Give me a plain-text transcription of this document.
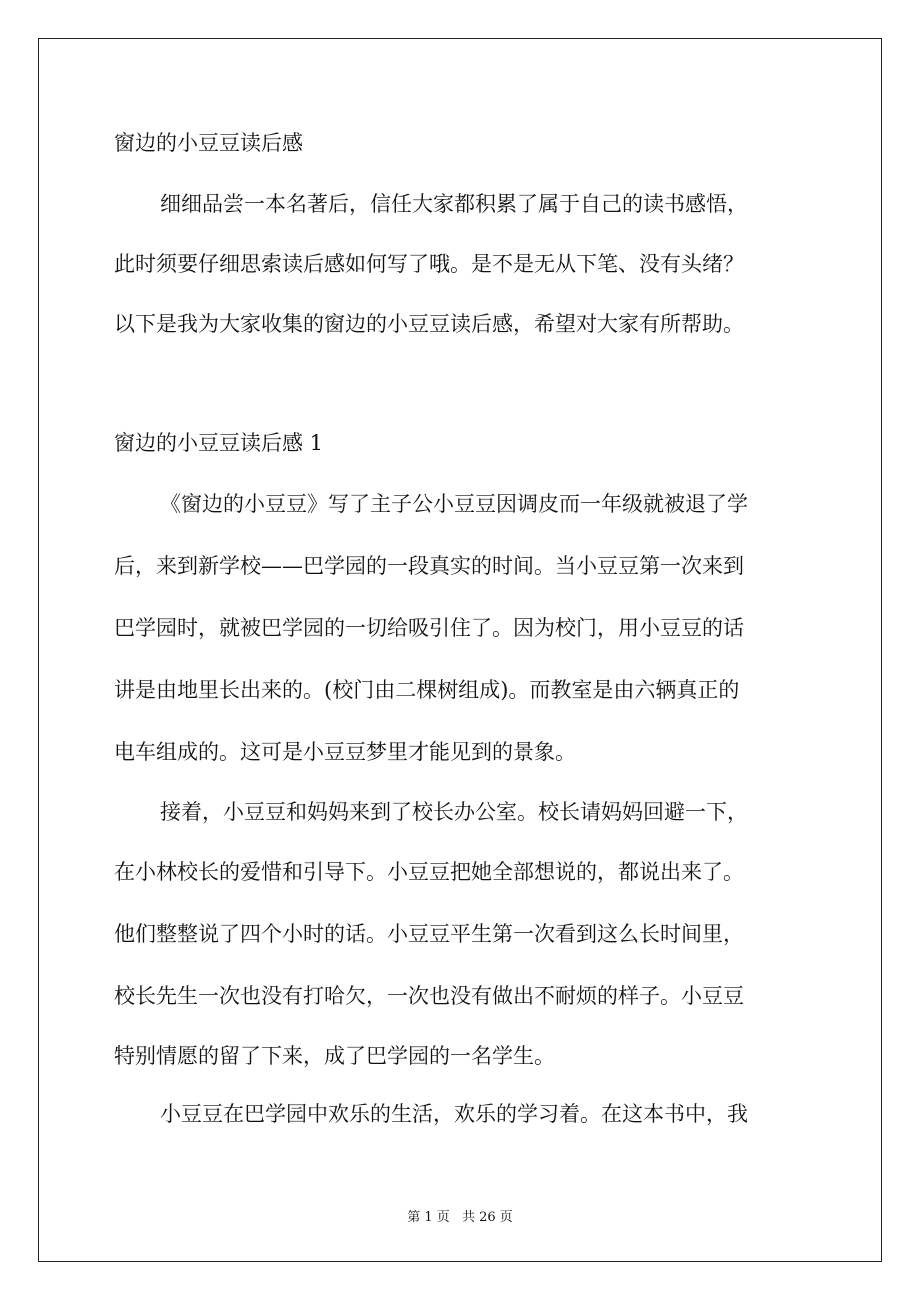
窗边的小豆豆读后感
细细品尝一本名著后，信任大家都积累了属于自己的读书感悟，
此时须要仔细思索读后感如何写了哦。是不是无从下笔、没有头绪？
以下是我为大家收集的窗边的小豆豆读后感，希望对大家有所帮助。
窗边的小豆豆读后感 1
《窗边的小豆豆》写了主子公小豆豆因调皮而一年级就被退了学
后，来到新学校——巴学园的一段真实的时间。当小豆豆第一次来到
巴学园时，就被巴学园的一切给吸引住了。因为校门，用小豆豆的话
讲是由地里长出来的。(校门由二棵树组成)。而教室是由六辆真正的
电车组成的。这可是小豆豆梦里才能见到的景象。
接着，小豆豆和妈妈来到了校长办公室。校长请妈妈回避一下，
在小林校长的爱惜和引导下。小豆豆把她全部想说的，都说出来了。
他们整整说了四个小时的话。小豆豆平生第一次看到这么长时间里，
校长先生一次也没有打哈欠，一次也没有做出不耐烦的样子。小豆豆
特别情愿的留了下来，成了巴学园的一名学生。
小豆豆在巴学园中欢乐的生活，欢乐的学习着。在这本书中，我
第 1 页 共 26 页
